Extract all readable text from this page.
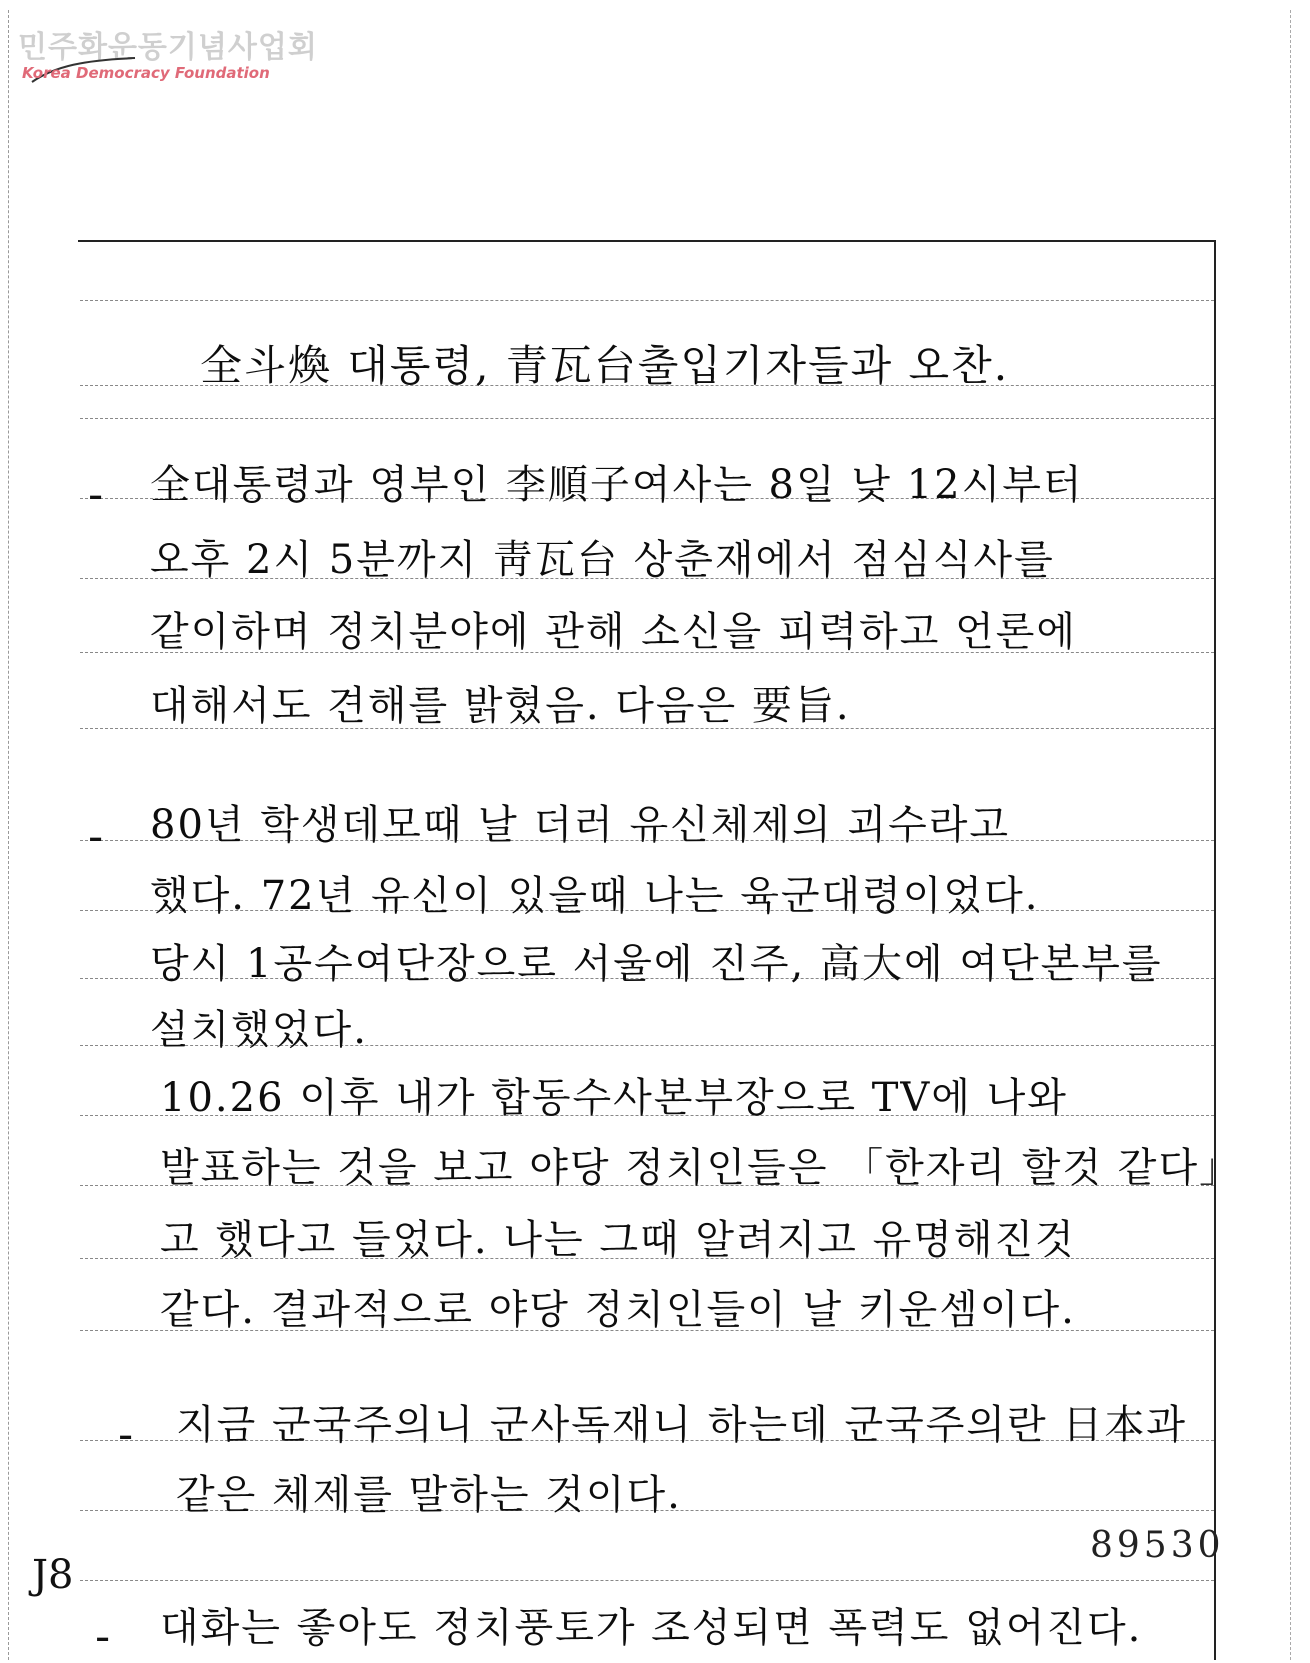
민주화운동기념사업회
Korea Democracy Foundation
全斗煥 대통령, 青瓦台출입기자들과 오찬.
- 全대통령과 영부인 李順子여사는 8일 낮 12시부터
오후 2시 5분까지 靑瓦台 상춘재에서 점심식사를
같이하며 정치분야에 관해 소신을 피력하고 언론에
대해서도 견해를 밝혔음. 다음은 要旨.
- 80년 학생데모때 날 더러 유신체제의 괴수라고
했다. 72년 유신이 있을때 나는 육군대령이었다.
당시 1공수여단장으로 서울에 진주, 高大에 여단본부를
설치했었다.
10.26 이후 내가 합동수사본부장으로 TV에 나와
발표하는 것을 보고 야당 정치인들은 「한자리 할것 같다」
고 했다고 들었다. 나는 그때 알려지고 유명해진것
같다. 결과적으로 야당 정치인들이 날 키운셈이다.
- 지금 군국주의니 군사독재니 하는데 군국주의란 日本과
같은 체제를 말하는 것이다.
J8
89530
- 대화는 좋아도 정치풍토가 조성되면 폭력도 없어진다.
